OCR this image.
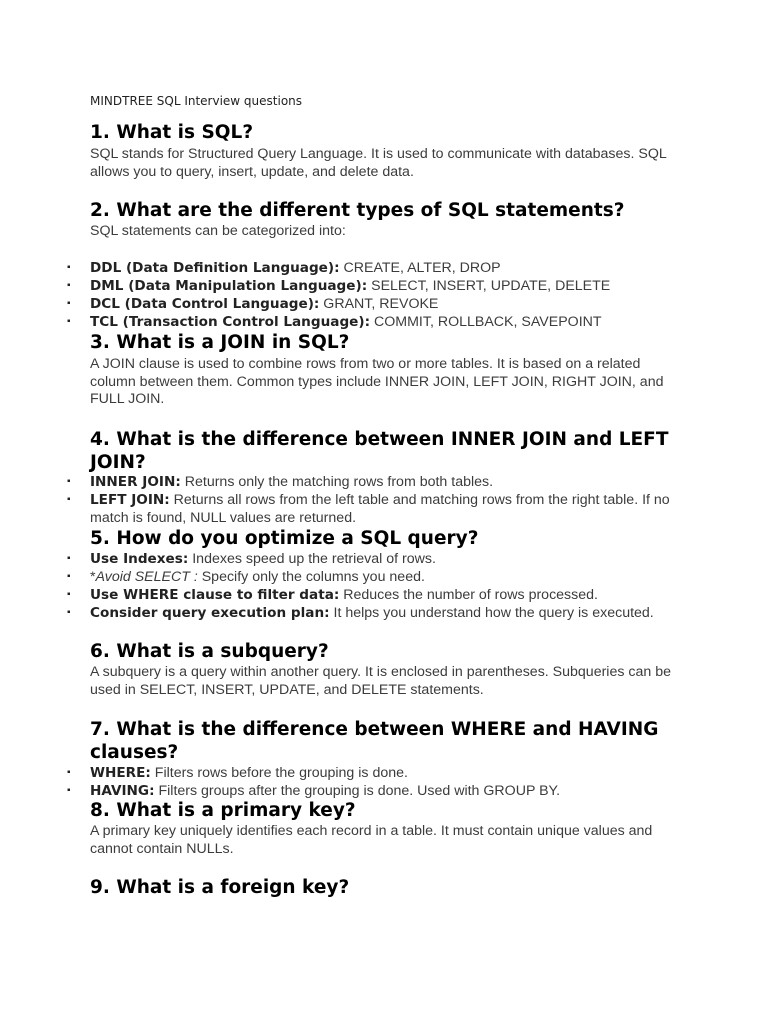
MINDTREE SQL Interview questions
1. What is SQL?

SQL stands for Structured Query Language. It is used to communicate with databases. SQL allows you to query, insert, update, and delete data.

2. What are the different types of SQL statements?

SQL statements can be categorized into:

▪ DDL (Data Definition Language): CREATE, ALTER, DROP
▪ DML (Data Manipulation Language): SELECT, INSERT, UPDATE, DELETE
▪ DCL (Data Control Language): GRANT, REVOKE
▪ TCL (Transaction Control Language): COMMIT, ROLLBACK, SAVEPOINT
3. What is a JOIN in SQL?

A JOIN clause is used to combine rows from two or more tables. It is based on a related column between them. Common types include INNER JOIN, LEFT JOIN, RIGHT JOIN, and FULL JOIN.

4. What is the difference between INNER JOIN and LEFT JOIN?
▪ INNER JOIN: Returns only the matching rows from both tables.
▪ LEFT JOIN: Returns all rows from the left table and matching rows from the right table. If no match is found, NULL values are returned.
5. How do you optimize a SQL query?
▪ Use Indexes: Indexes speed up the retrieval of rows.
▪ *Avoid SELECT : Specify only the columns you need.
▪ Use WHERE clause to filter data: Reduces the number of rows processed.
▪ Consider query execution plan: It helps you understand how the query is executed.
6. What is a subquery?

A subquery is a query within another query. It is enclosed in parentheses. Subqueries can be used in SELECT, INSERT, UPDATE, and DELETE statements.

7. What is the difference between WHERE and HAVING clauses?
▪ WHERE: Filters rows before the grouping is done.
▪ HAVING: Filters groups after the grouping is done. Used with GROUP BY.
8. What is a primary key?

A primary key uniquely identifies each record in a table. It must contain unique values and cannot contain NULLs.

9. What is a foreign key?
